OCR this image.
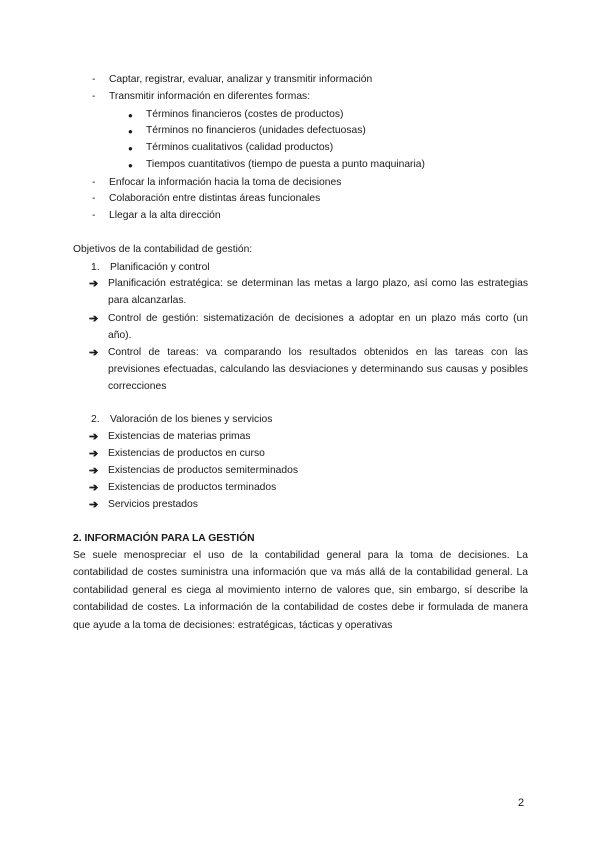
- Captar, registrar, evaluar, analizar y transmitir información
- Transmitir información en diferentes formas:
● Términos financieros (costes de productos)
● Términos no financieros (unidades defectuosas)
● Términos cualitativos (calidad productos)
● Tiempos cuantitativos (tiempo de puesta a punto maquinaria)
- Enfocar la información hacia la toma de decisiones
- Colaboración entre distintas áreas funcionales
- Llegar a la alta dirección
Objetivos de la contabilidad de gestión:
1. Planificación y control
➔ Planificación estratégica: se determinan las metas a largo plazo, así como las estrategias para alcanzarlas.
➔ Control de gestión: sistematización de decisiones a adoptar en un plazo más corto (un año).
➔ Control de tareas: va comparando los resultados obtenidos en las tareas con las previsiones efectuadas, calculando las desviaciones y determinando sus causas y posibles correcciones
2. Valoración de los bienes y servicios
➔ Existencias de materias primas
➔ Existencias de productos en curso
➔ Existencias de productos semiterminados
➔ Existencias de productos terminados
➔ Servicios prestados
2. INFORMACIÓN PARA LA GESTIÓN
Se suele menospreciar el uso de la contabilidad general para la toma de decisiones. La contabilidad de costes suministra una información que va más allá de la contabilidad general. La contabilidad general es ciega al movimiento interno de valores que, sin embargo, sí describe la contabilidad de costes. La información de la contabilidad de costes debe ir formulada de manera que ayude a la toma de decisiones: estratégicas, tácticas y operativas
2
